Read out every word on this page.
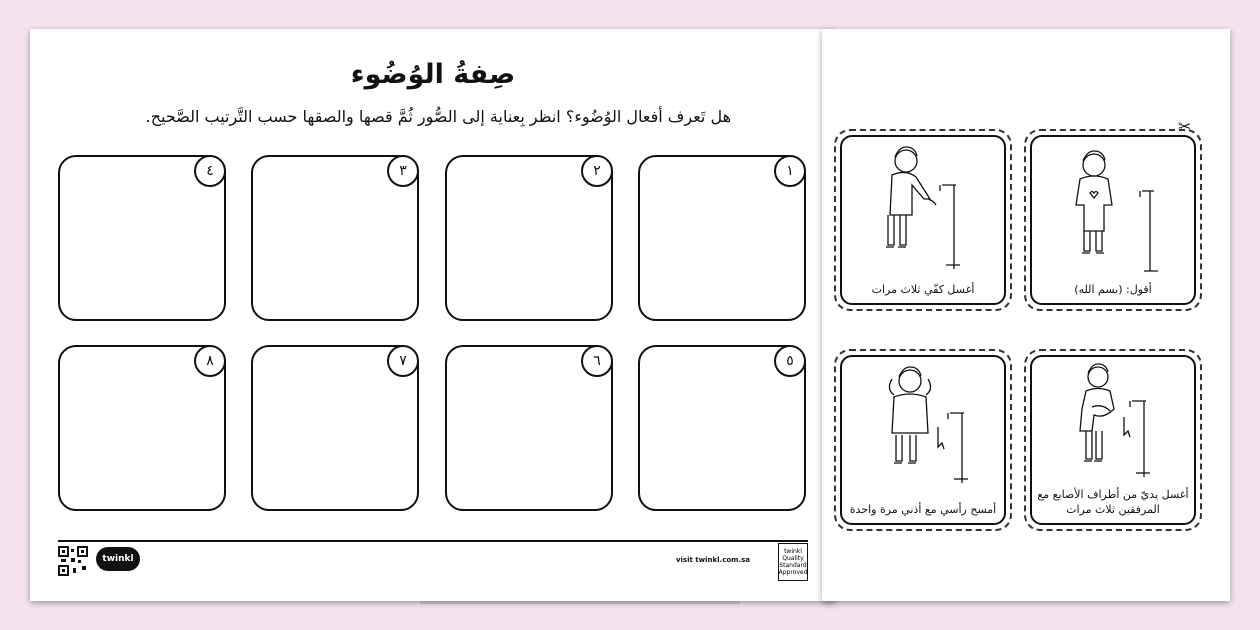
صِفةُ الوُضُوء
هل تَعرف أفعال الوُضُوء؟ انظر بِعناية إلى الصُّور ثُمَّ قصها والصقها حسب التَّرتيب الصَّحيح.
١
٢
٣
٤
٥
٦
٧
٨
twinkl	visit twinkl.com.sa
twinkl Quality Standard Approved
✂
أقول: (بسم الله)
أغسل كفّي ثلاث مرات
أغسل يديّ من أطراف الأصابع مع المرفقين ثلاث مرات
أمسح رأسي مع أذني مرة واحدة
